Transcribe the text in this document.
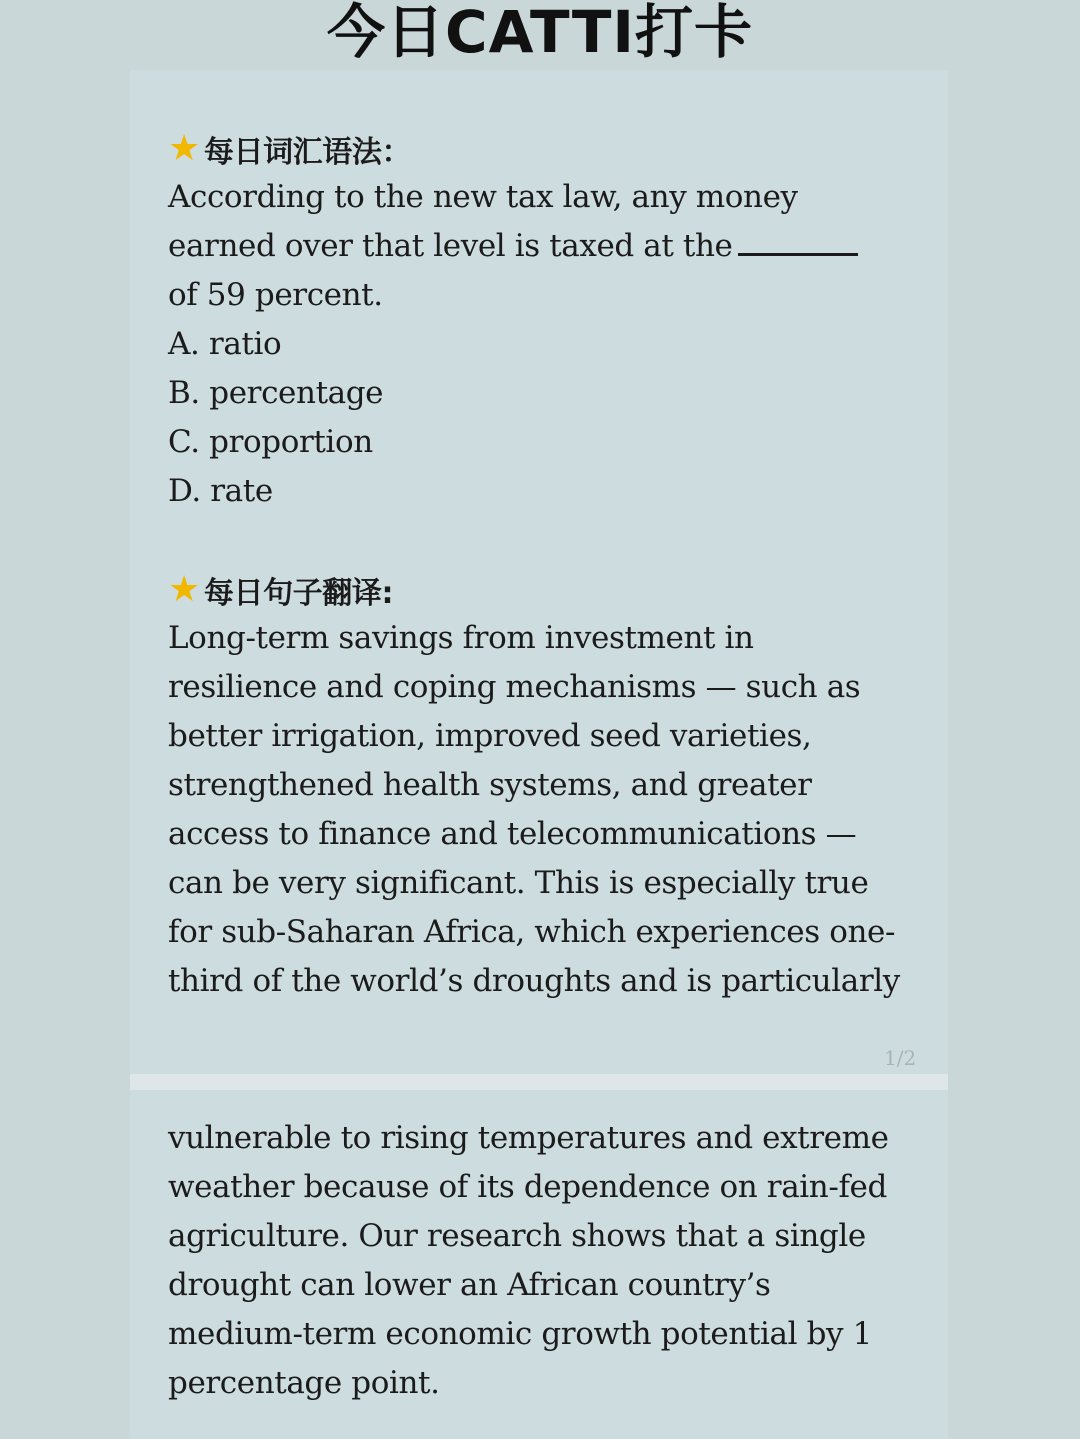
今日CATTI打卡
★ 每日词汇语法：
According to the new tax law, any money
earned over that level is taxed at the
of 59 percent.
A. ratio
B. percentage
C. proportion
D. rate
★ 每日句子翻译:
Long-term savings from investment in
resilience and coping mechanisms — such as
better irrigation, improved seed varieties,
strengthened health systems, and greater
access to finance and telecommunications —
can be very significant. This is especially true
for sub-Saharan Africa, which experiences one-
third of the world’s droughts and is particularly
1/2
vulnerable to rising temperatures and extreme
weather because of its dependence on rain-fed
agriculture. Our research shows that a single
drought can lower an African country’s
medium-term economic growth potential by 1
percentage point.
